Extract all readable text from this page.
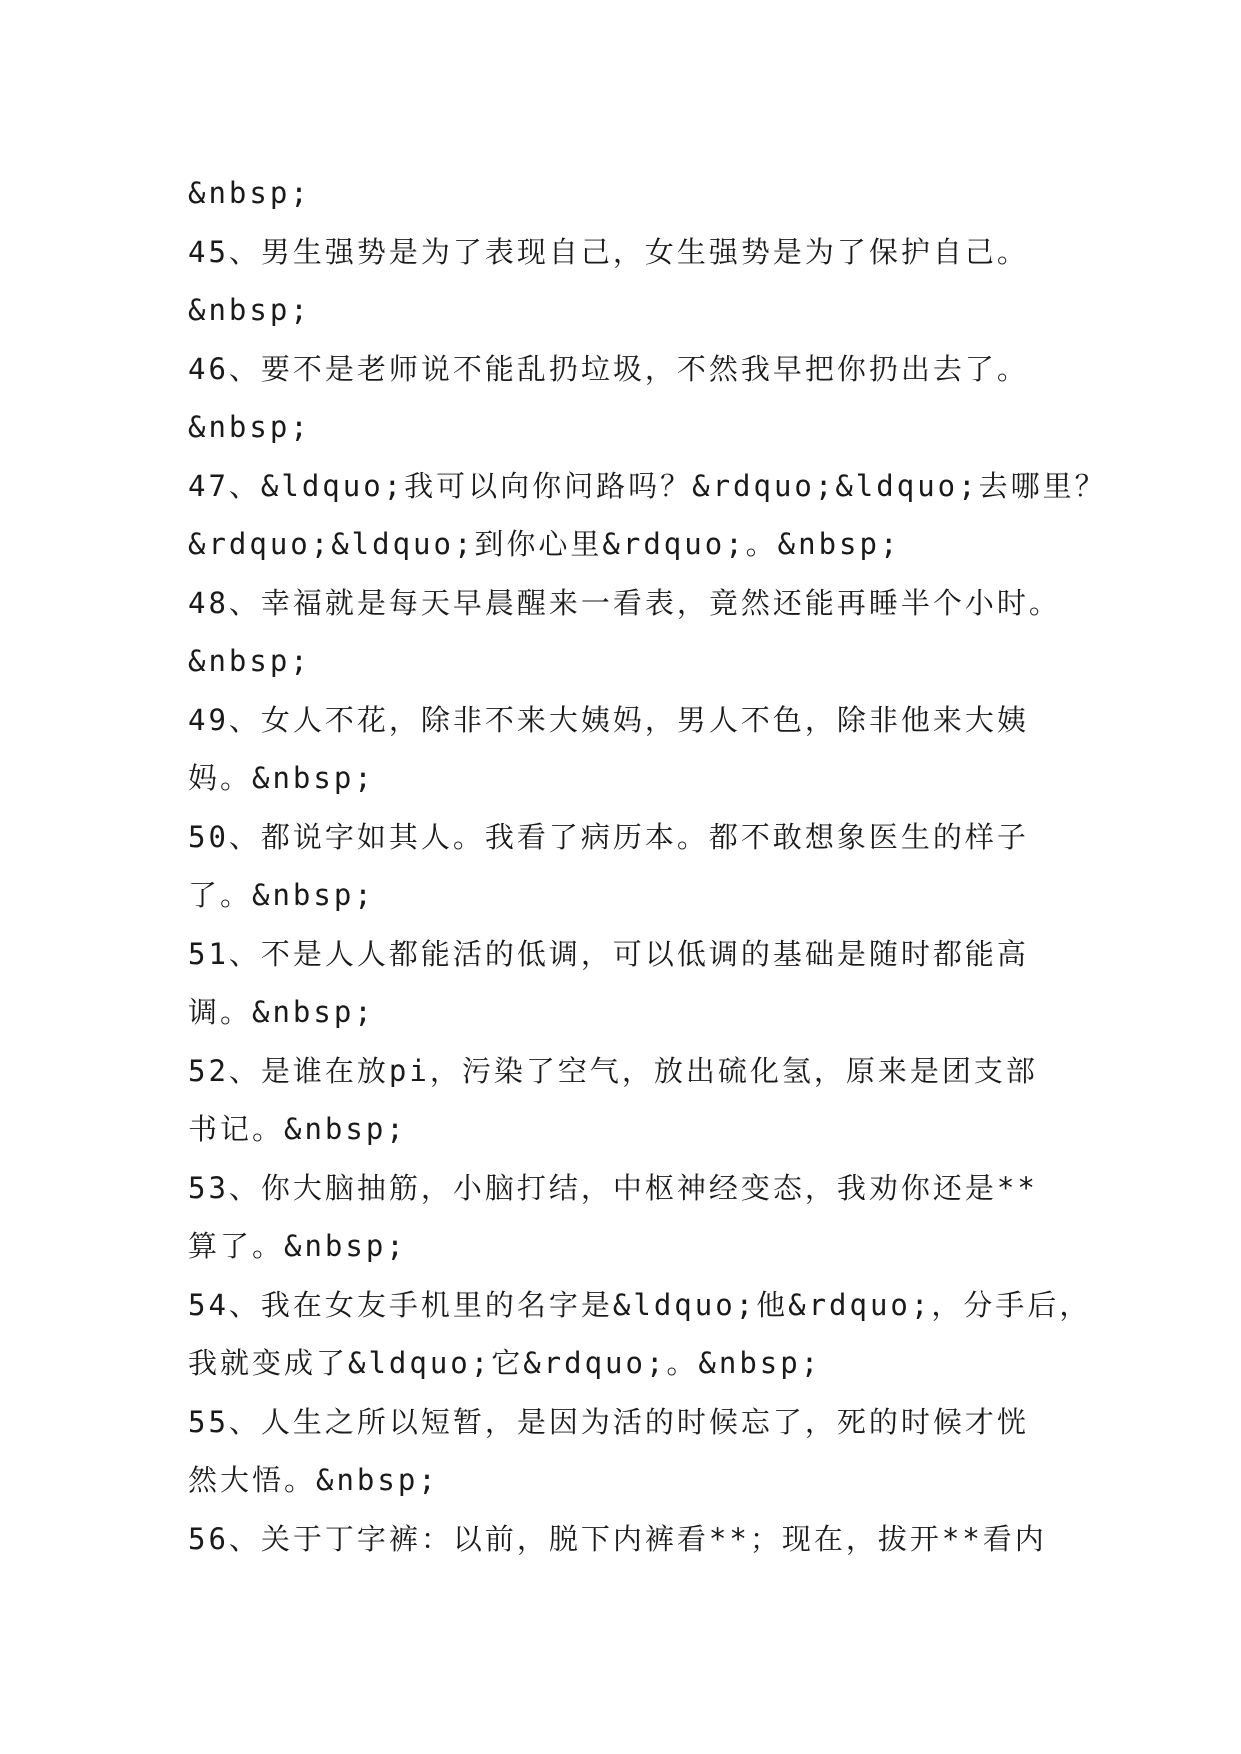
&nbsp;
45、男生强势是为了表现自己，女生强势是为了保护自己。
&nbsp;
46、要不是老师说不能乱扔垃圾，不然我早把你扔出去了。
&nbsp;
47、&ldquo;我可以向你问路吗？&rdquo;&ldquo;去哪里？
&rdquo;&ldquo;到你心里&rdquo;。&nbsp;
48、幸福就是每天早晨醒来一看表，竟然还能再睡半个小时。
&nbsp;
49、女人不花，除非不来大姨妈，男人不色，除非他来大姨
妈。&nbsp;
50、都说字如其人。我看了病历本。都不敢想象医生的样子
了。&nbsp;
51、不是人人都能活的低调，可以低调的基础是随时都能高
调。&nbsp;
52、是谁在放pi，污染了空气，放出硫化氢，原来是团支部
书记。&nbsp;
53、你大脑抽筋，小脑打结，中枢神经变态，我劝你还是**
算了。&nbsp;
54、我在女友手机里的名字是&ldquo;他&rdquo;，分手后，
我就变成了&ldquo;它&rdquo;。&nbsp;
55、人生之所以短暂，是因为活的时候忘了，死的时候才恍
然大悟。&nbsp;
56、关于丁字裤：以前，脱下内裤看**；现在，拔开**看内
